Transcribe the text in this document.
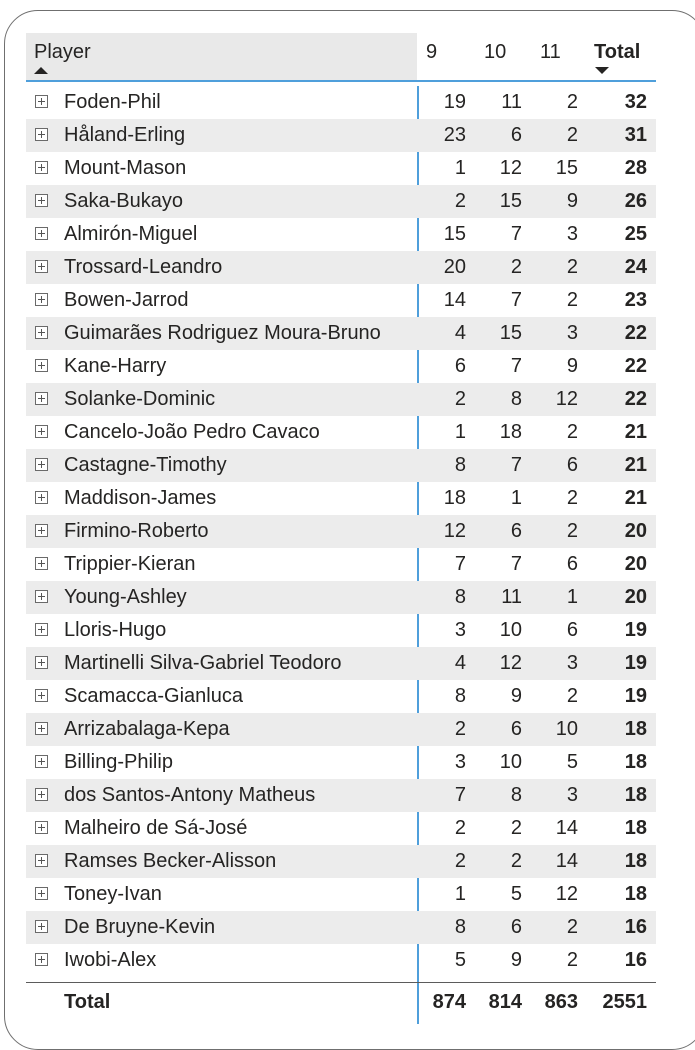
Player	9 10 11 Total
Foden-Phil	19 11 2 32
Håland-Erling	23 6 2 31
Mount-Mason	1 12 15 28
Saka-Bukayo	2 15 9 26
Almirón-Miguel	15 7 3 25
Trossard-Leandro	20 2 2 24
Bowen-Jarrod	14 7 2 23
Guimarães Rodriguez Moura-Bruno	4 15 3 22
Kane-Harry	6 7 9 22
Solanke-Dominic	2 8 12 22
Cancelo-João Pedro Cavaco	1 18 2 21
Castagne-Timothy	8 7 6 21
Maddison-James	18 1 2 21
Firmino-Roberto	12 6 2 20
Trippier-Kieran	7 7 6 20
Young-Ashley	8 11 1 20
Lloris-Hugo	3 10 6 19
Martinelli Silva-Gabriel Teodoro	4 12 3 19
Scamacca-Gianluca	8 9 2 19
Arrizabalaga-Kepa	2 6 10 18
Billing-Philip	3 10 5 18
dos Santos-Antony Matheus	7 8 3 18
Malheiro de Sá-José	2 2 14 18
Ramses Becker-Alisson	2 2 14 18
Toney-Ivan	1 5 12 18
De Bruyne-Kevin	8 6 2 16
Iwobi-Alex	5 9 2 16
Total	874 814 863 2551
